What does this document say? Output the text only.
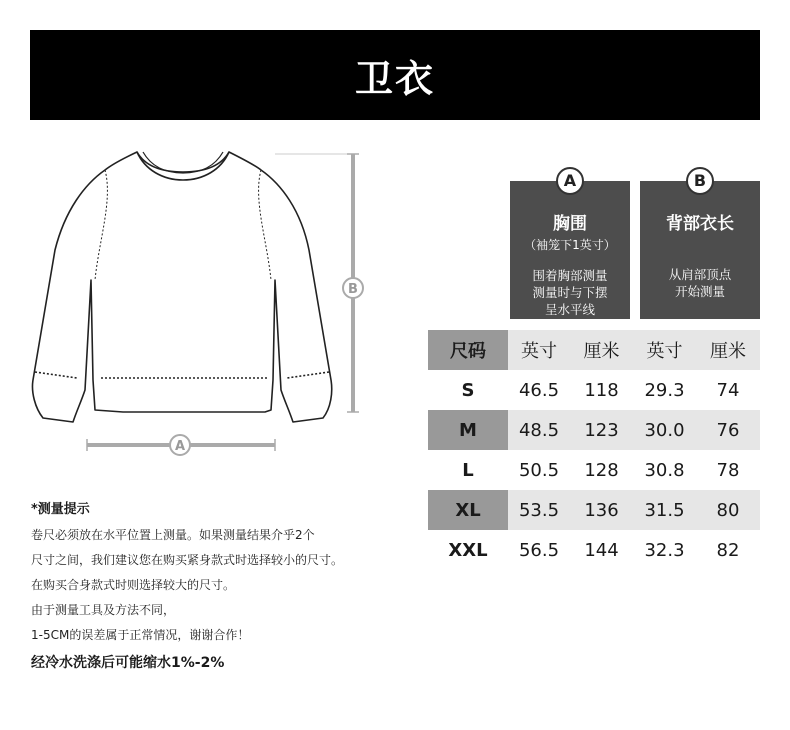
卫衣
B
A
A
胸围
（袖笼下1英寸）
围着胸部测量
测量时与下摆
呈水平线
B
背部衣长
从肩部顶点
开始测量
尺码	英寸	厘米	英寸	厘米
S	46.5	118	29.3	74
M	48.5	123	30.0	76
L	50.5	128	30.8	78
XL	53.5	136	31.5	80
XXL	56.5	144	32.3	82
*测量提示
卷尺必须放在水平位置上测量。如果测量结果介乎2个
尺寸之间，我们建议您在购买紧身款式时选择较小的尺寸。
在购买合身款式时则选择较大的尺寸。
由于测量工具及方法不同，
1-5CM的误差属于正常情况，谢谢合作！
经冷水洗涤后可能缩水1%-2%
